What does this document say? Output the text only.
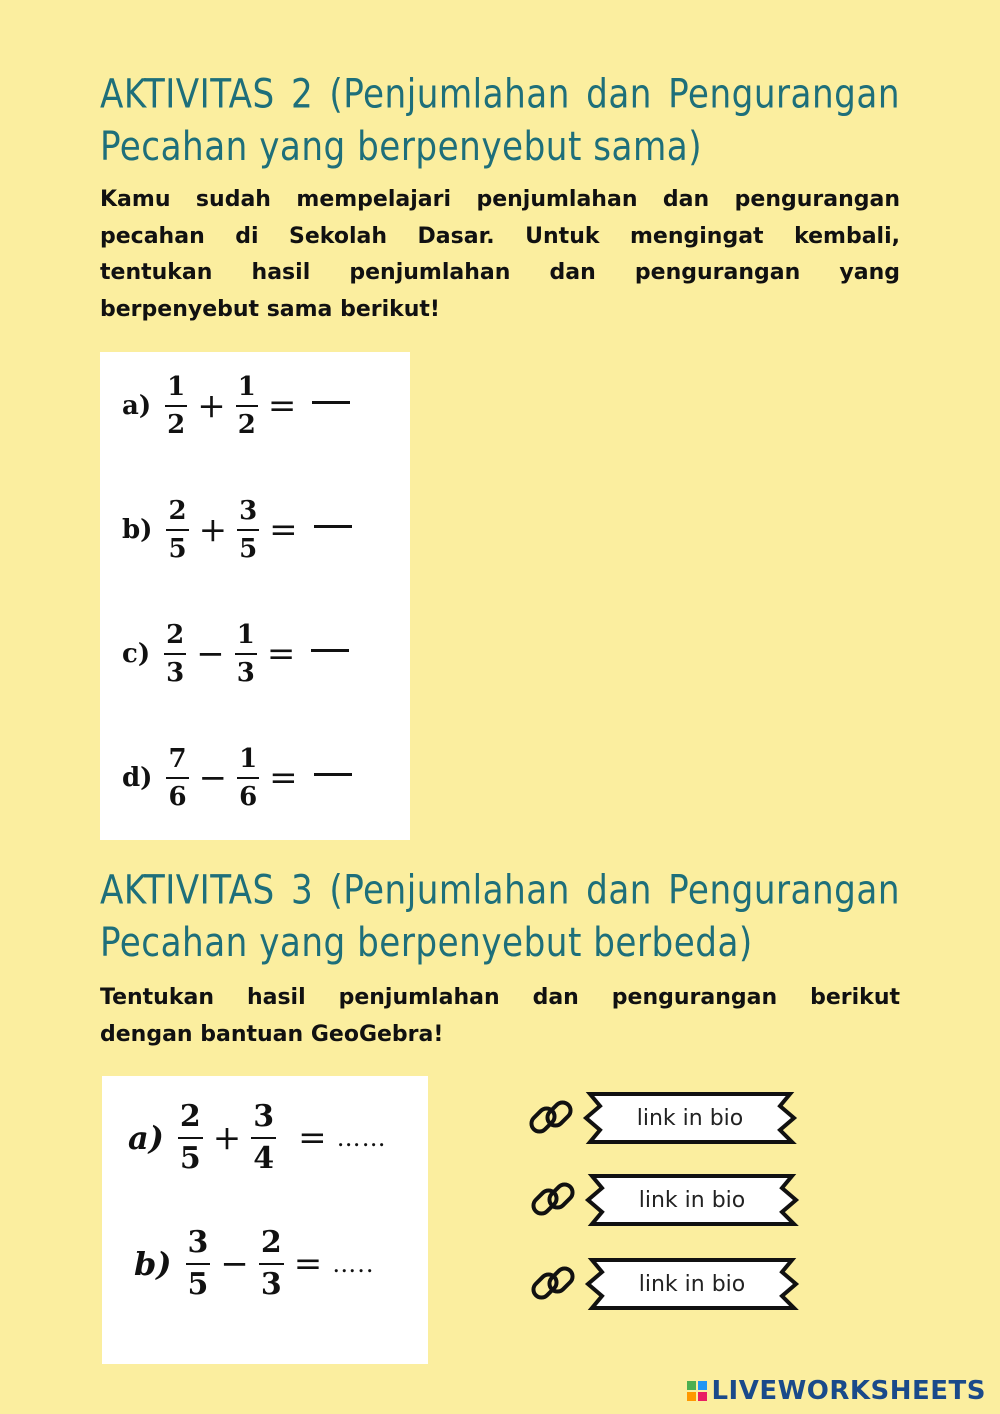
AKTIVITAS 2 (Penjumlahan dan Pengurangan
Pecahan yang berpenyebut sama)
Kamu sudah mempelajari penjumlahan dan pengurangan
pecahan di Sekolah Dasar. Untuk mengingat kembali,
tentukan hasil penjumlahan dan pengurangan yang
berpenyebut sama berikut!
$a) \frac{1}{2} + \frac{1}{2}$ =
$b) \frac{2}{5} + \frac{3}{5}$ =
$c) \frac{2}{3} - \frac{1}{3}$ =
$d) \frac{7}{6} - \frac{1}{6}$ =
AKTIVITAS 3 (Penjumlahan dan Pengurangan
Pecahan yang berpenyebut berbeda)
Tentukan hasil penjumlahan dan pengurangan berikut
dengan bantuan GeoGebra!
$a) \frac{2}{5} + \frac{3}{4}$ = ……
$b) \frac{3}{5} - \frac{2}{3}$ = …..
link in bio
link in bio
link in bio
LIVEWORKSHEETS
